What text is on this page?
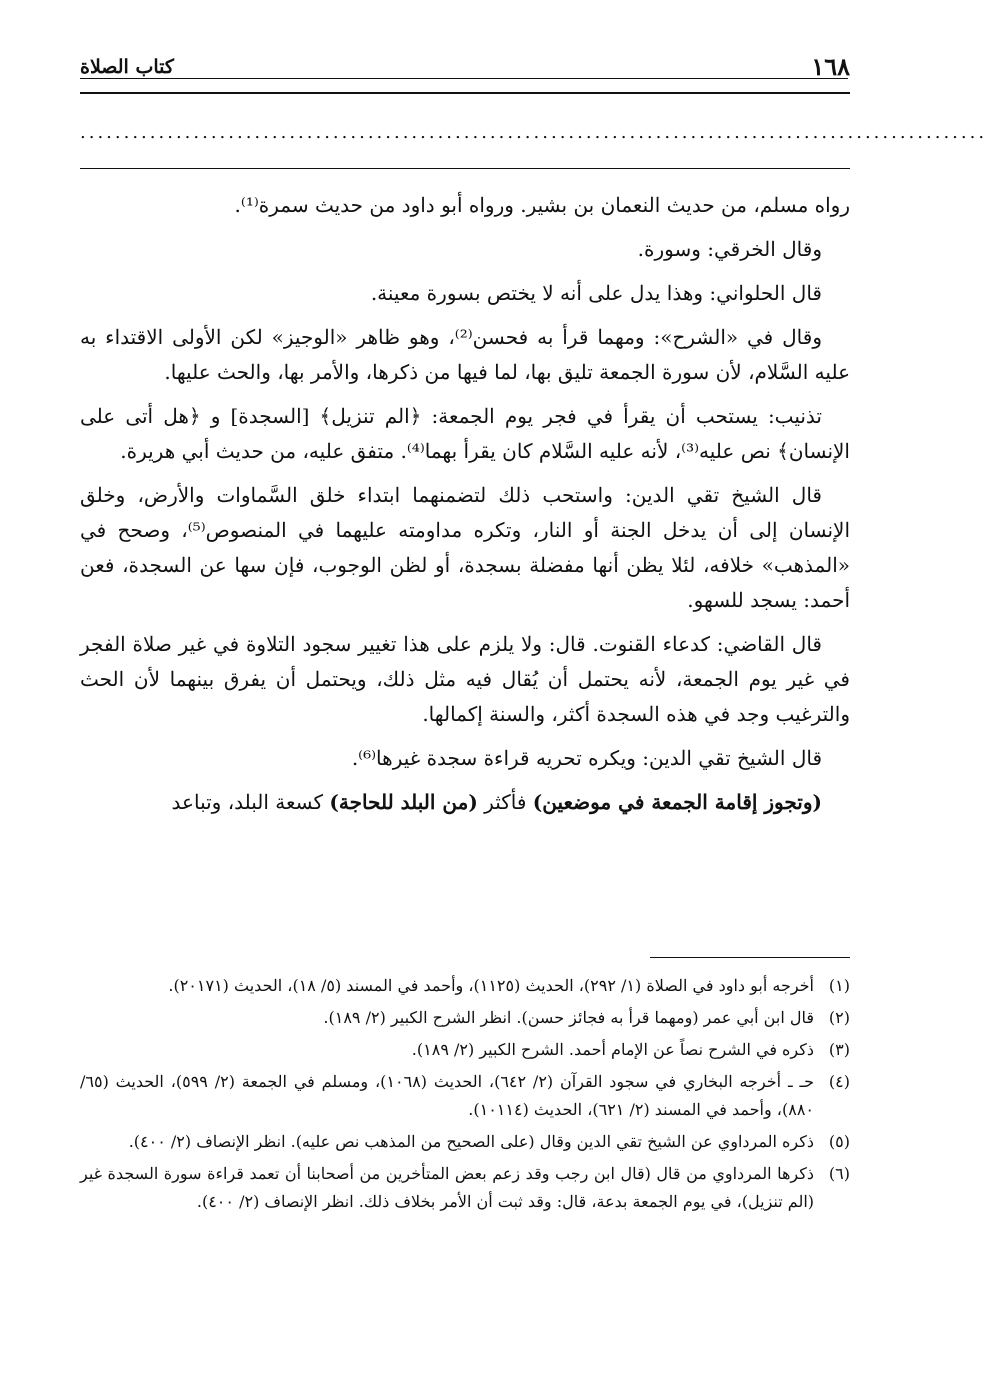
١٦٨
كتاب الصلاة
........................................................................................................

رواه مسلم، من حديث النعمان بن بشير. ورواه أبو داود من حديث سمرة⁽¹⁾.

وقال الخرقي: وسورة.

قال الحلواني: وهذا يدل على أنه لا يختص بسورة معينة.

وقال في «الشرح»: ومهما قرأ به فحسن⁽²⁾، وهو ظاهر «الوجيز» لكن الأولى الاقتداء به عليه السَّلام، لأن سورة الجمعة تليق بها، لما فيها من ذكرها، والأمر بها، والحث عليها.

تذنيب: يستحب أن يقرأ في فجر يوم الجمعة: ﴿الم تنزيل﴾ [السجدة] و ﴿هل أتى على الإنسان﴾ نص عليه⁽³⁾، لأنه عليه السَّلام كان يقرأ بهما⁽⁴⁾. متفق عليه، من حديث أبي هريرة.

قال الشيخ تقي الدين: واستحب ذلك لتضمنهما ابتداء خلق السَّماوات والأرض، وخلق الإنسان إلى أن يدخل الجنة أو النار، وتكره مداومته عليهما في المنصوص⁽⁵⁾، وصحح في «المذهب» خلافه، لئلا يظن أنها مفضلة بسجدة، أو لظن الوجوب، فإن سها عن السجدة، فعن أحمد: يسجد للسهو.

قال القاضي: كدعاء القنوت. قال: ولا يلزم على هذا تغيير سجود التلاوة في غير صلاة الفجر في غير يوم الجمعة، لأنه يحتمل أن يُقال فيه مثل ذلك، ويحتمل أن يفرق بينهما لأن الحث والترغيب وجد في هذه السجدة أكثر، والسنة إكمالها.

قال الشيخ تقي الدين: ويكره تحريه قراءة سجدة غيرها⁽⁶⁾.

(وتجوز إقامة الجمعة في موضعين) فأكثر (من البلد للحاجة) كسعة البلد، وتباعد

(١)
أخرجه أبو داود في الصلاة (١/ ٢٩٢)، الحديث (١١٢٥)، وأحمد في المسند (٥/ ١٨)، الحديث (٢٠١٧١).
(٢)
قال ابن أبي عمر (ومهما قرأ به فجائز حسن). انظر الشرح الكبير (٢/ ١٨٩).
(٣)
ذكره في الشرح نصاً عن الإمام أحمد. الشرح الكبير (٢/ ١٨٩).
(٤)
حـ ـ أخرجه البخاري في سجود القرآن (٢/ ٦٤٢)، الحديث (١٠٦٨)، ومسلم في الجمعة (٢/ ٥٩٩)، الحديث (٦٥/ ٨٨٠)، وأحمد في المسند (٢/ ٦٢١)، الحديث (١٠١١٤).
(٥)
ذكره المرداوي عن الشيخ تقي الدين وقال (على الصحيح من المذهب نص عليه). انظر الإنصاف (٢/ ٤٠٠).
(٦)
ذكرها المرداوي من قال (قال ابن رجب وقد زعم بعض المتأخرين من أصحابنا أن تعمد قراءة سورة السجدة غير (الم تنزيل)، في يوم الجمعة بدعة، قال: وقد ثبت أن الأمر بخلاف ذلك. انظر الإنصاف (٢/ ٤٠٠).
